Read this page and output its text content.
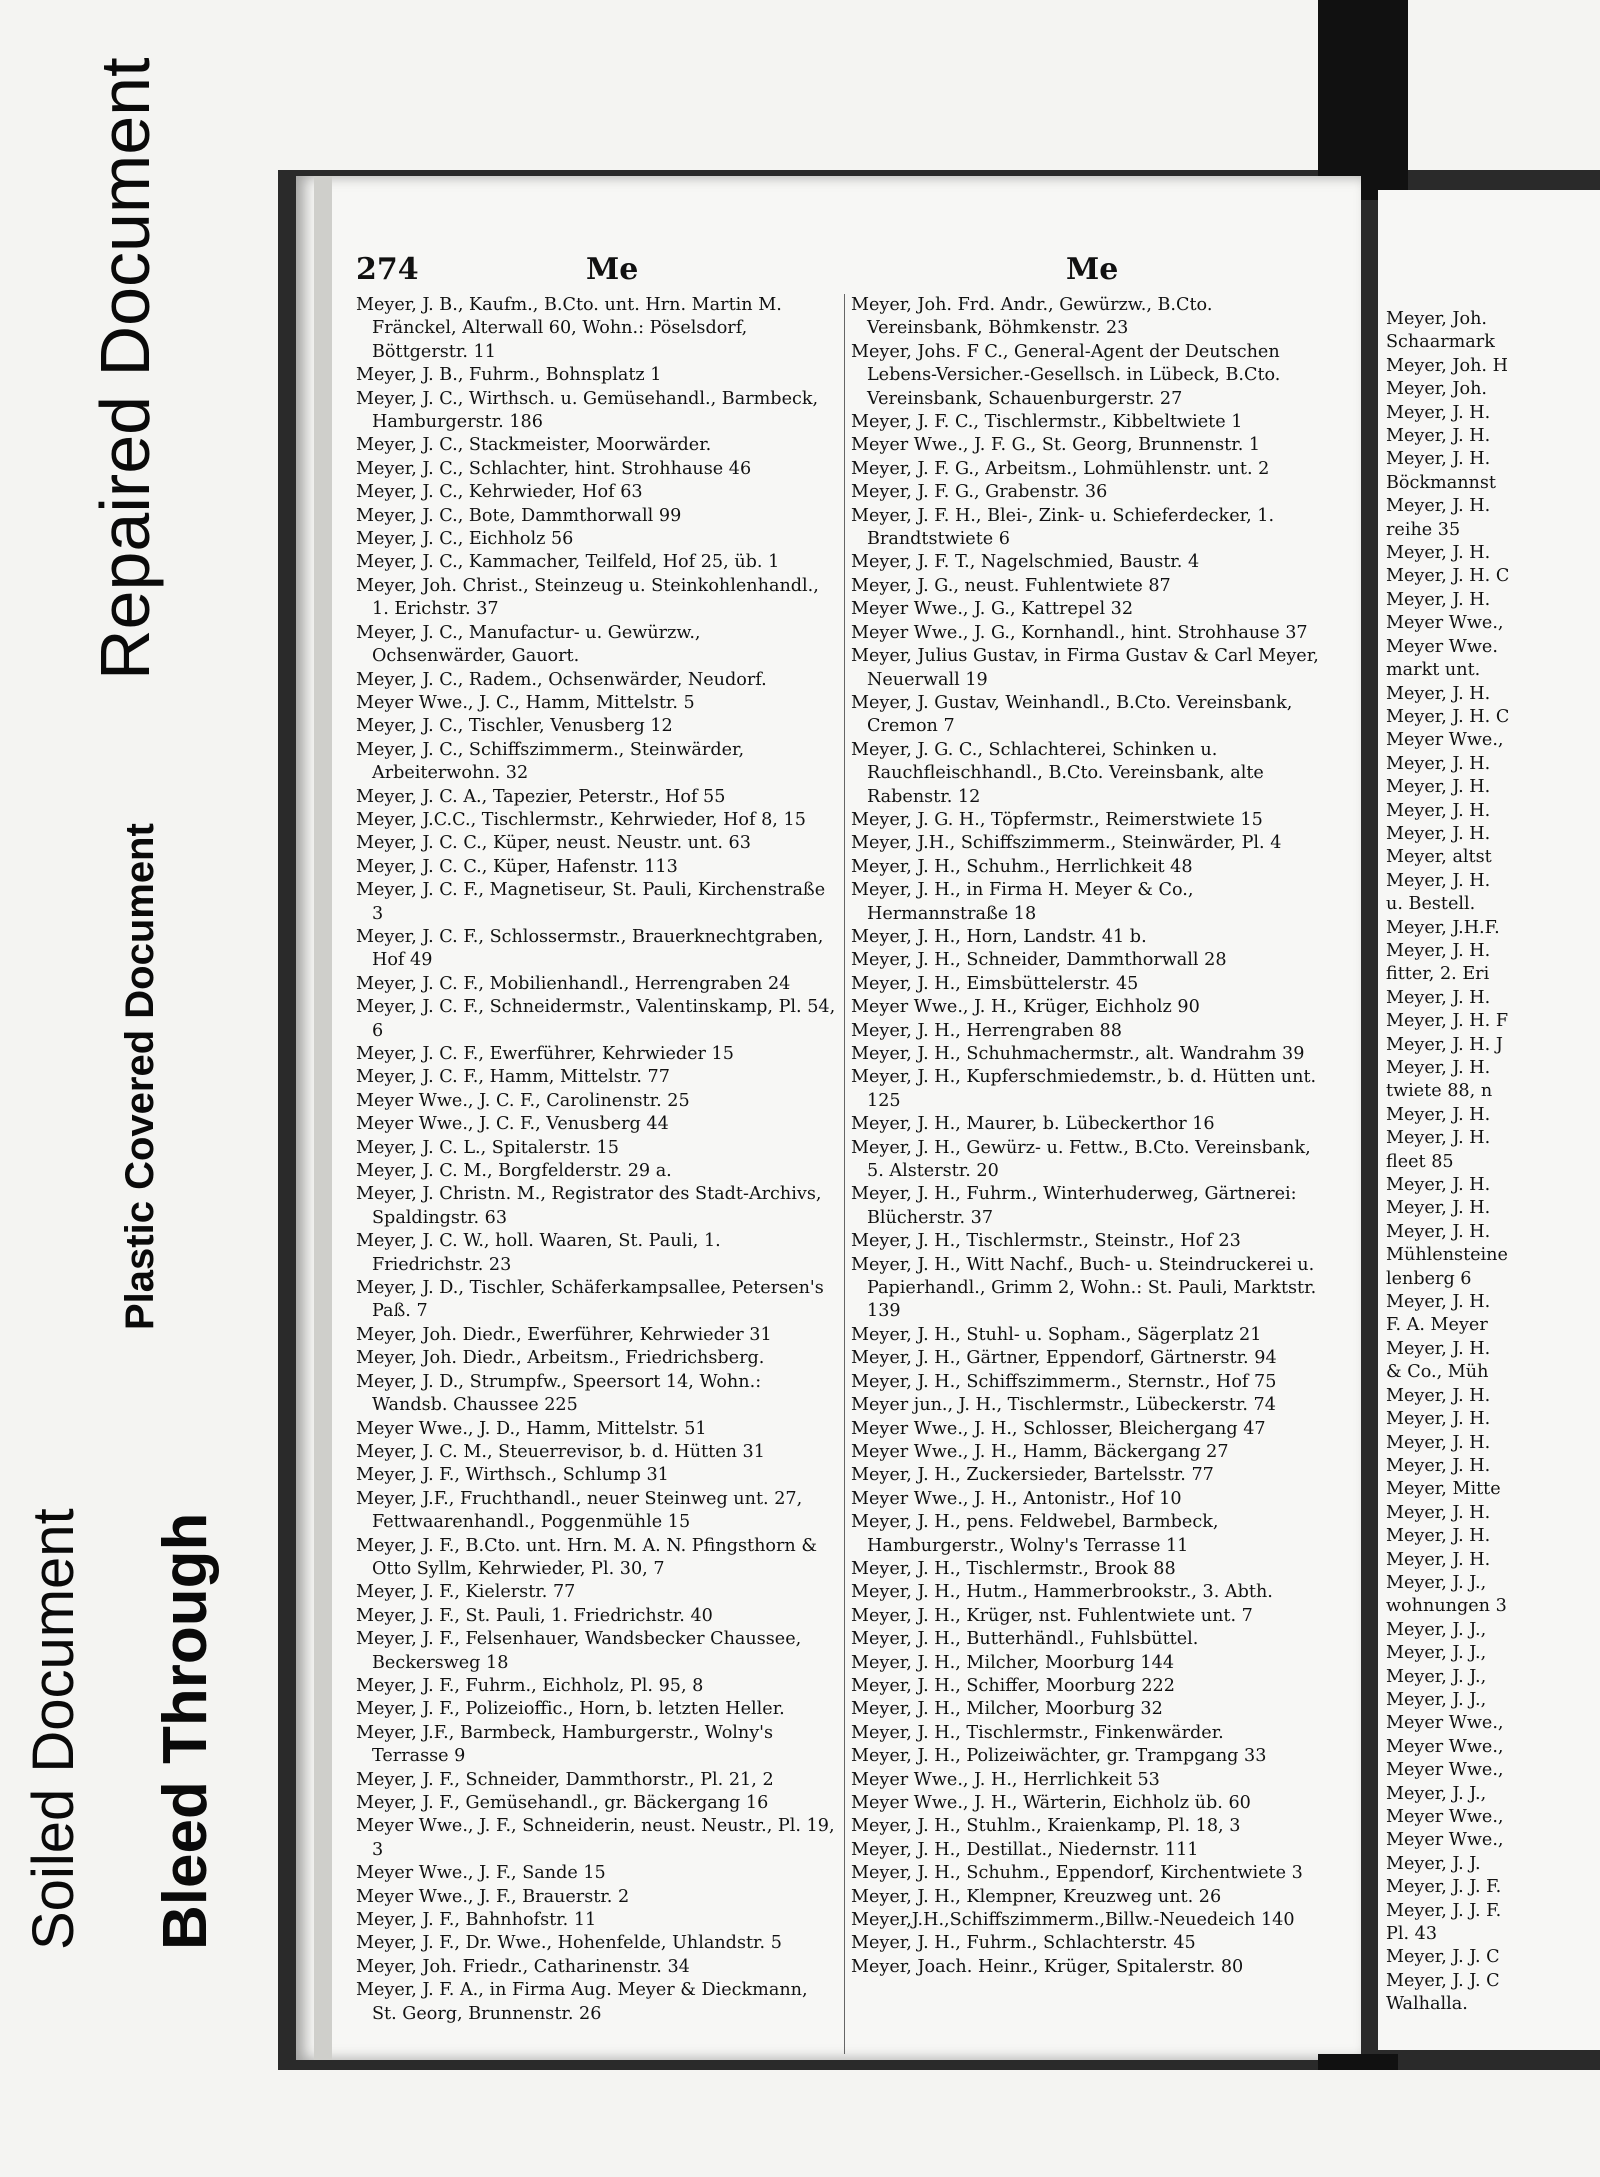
Repaired Document
Plastic Covered Document
Soiled Document Bleed Through
274	Me	Me

Meyer, J. B., Kaufm., B.Cto. unt. Hrn. Martin M. Fränckel, Alterwall 60, Wohn.: Pöselsdorf, Böttgerstr. 11

Meyer, J. B., Fuhrm., Bohnsplatz 1

Meyer, J. C., Wirthsch. u. Gemüsehandl., Barmbeck, Hamburgerstr. 186

Meyer, J. C., Stackmeister, Moorwärder.

Meyer, J. C., Schlachter, hint. Strohhause 46

Meyer, J. C., Kehrwieder, Hof 63

Meyer, J. C., Bote, Dammthorwall 99

Meyer, J. C., Eichholz 56

Meyer, J. C., Kammacher, Teilfeld, Hof 25, üb. 1

Meyer, Joh. Christ., Steinzeug u. Steinkohlenhandl., 1. Erichstr. 37

Meyer, J. C., Manufactur- u. Gewürzw., Ochsenwärder, Gauort.

Meyer, J. C., Radem., Ochsenwärder, Neudorf.

Meyer Wwe., J. C., Hamm, Mittelstr. 5

Meyer, J. C., Tischler, Venusberg 12

Meyer, J. C., Schiffszimmerm., Steinwärder, Arbeiterwohn. 32

Meyer, J. C. A., Tapezier, Peterstr., Hof 55

Meyer, J.C.C., Tischlermstr., Kehrwieder, Hof 8, 15

Meyer, J. C. C., Küper, neust. Neustr. unt. 63

Meyer, J. C. C., Küper, Hafenstr. 113

Meyer, J. C. F., Magnetiseur, St. Pauli, Kirchenstraße 3

Meyer, J. C. F., Schlossermstr., Brauerknechtgraben, Hof 49

Meyer, J. C. F., Mobilienhandl., Herrengraben 24

Meyer, J. C. F., Schneidermstr., Valentinskamp, Pl. 54, 6

Meyer, J. C. F., Ewerführer, Kehrwieder 15

Meyer, J. C. F., Hamm, Mittelstr. 77

Meyer Wwe., J. C. F., Carolinenstr. 25

Meyer Wwe., J. C. F., Venusberg 44

Meyer, J. C. L., Spitalerstr. 15

Meyer, J. C. M., Borgfelderstr. 29 a.

Meyer, J. Christn. M., Registrator des Stadt-Archivs, Spaldingstr. 63

Meyer, J. C. W., holl. Waaren, St. Pauli, 1. Friedrichstr. 23

Meyer, J. D., Tischler, Schäferkampsallee, Petersen's Paß. 7

Meyer, Joh. Diedr., Ewerführer, Kehrwieder 31

Meyer, Joh. Diedr., Arbeitsm., Friedrichsberg.

Meyer, J. D., Strumpfw., Speersort 14, Wohn.: Wandsb. Chaussee 225

Meyer Wwe., J. D., Hamm, Mittelstr. 51

Meyer, J. C. M., Steuerrevisor, b. d. Hütten 31

Meyer, J. F., Wirthsch., Schlump 31

Meyer, J.F., Fruchthandl., neuer Steinweg unt. 27, Fettwaarenhandl., Poggenmühle 15

Meyer, J. F., B.Cto. unt. Hrn. M. A. N. Pfingsthorn & Otto Syllm, Kehrwieder, Pl. 30, 7

Meyer, J. F., Kielerstr. 77

Meyer, J. F., St. Pauli, 1. Friedrichstr. 40

Meyer, J. F., Felsenhauer, Wandsbecker Chaussee, Beckersweg 18

Meyer, J. F., Fuhrm., Eichholz, Pl. 95, 8

Meyer, J. F., Polizeioffic., Horn, b. letzten Heller.

Meyer, J.F., Barmbeck, Hamburgerstr., Wolny's Terrasse 9

Meyer, J. F., Schneider, Dammthorstr., Pl. 21, 2

Meyer, J. F., Gemüsehandl., gr. Bäckergang 16

Meyer Wwe., J. F., Schneiderin, neust. Neustr., Pl. 19, 3

Meyer Wwe., J. F., Sande 15

Meyer Wwe., J. F., Brauerstr. 2

Meyer, J. F., Bahnhofstr. 11

Meyer, J. F., Dr. Wwe., Hohenfelde, Uhlandstr. 5

Meyer, Joh. Friedr., Catharinenstr. 34

Meyer, J. F. A., in Firma Aug. Meyer & Dieckmann, St. Georg, Brunnenstr. 26

Meyer, Joh. Frd. Andr., Gewürzw., B.Cto. Vereinsbank, Böhmkenstr. 23

Meyer, Johs. F C., General-Agent der Deutschen Lebens-Versicher.-Gesellsch. in Lübeck, B.Cto. Vereinsbank, Schauenburgerstr. 27

Meyer, J. F. C., Tischlermstr., Kibbeltwiete 1

Meyer Wwe., J. F. G., St. Georg, Brunnenstr. 1

Meyer, J. F. G., Arbeitsm., Lohmühlenstr. unt. 2

Meyer, J. F. G., Grabenstr. 36

Meyer, J. F. H., Blei-, Zink- u. Schieferdecker, 1. Brandtstwiete 6

Meyer, J. F. T., Nagelschmied, Baustr. 4

Meyer, J. G., neust. Fuhlentwiete 87

Meyer Wwe., J. G., Kattrepel 32

Meyer Wwe., J. G., Kornhandl., hint. Strohhause 37

Meyer, Julius Gustav, in Firma Gustav & Carl Meyer, Neuerwall 19

Meyer, J. Gustav, Weinhandl., B.Cto. Vereinsbank, Cremon 7

Meyer, J. G. C., Schlachterei, Schinken u. Rauchfleischhandl., B.Cto. Vereinsbank, alte Rabenstr. 12

Meyer, J. G. H., Töpfermstr., Reimerstwiete 15

Meyer, J.H., Schiffszimmerm., Steinwärder, Pl. 4

Meyer, J. H., Schuhm., Herrlichkeit 48

Meyer, J. H., in Firma H. Meyer & Co., Hermannstraße 18

Meyer, J. H., Horn, Landstr. 41 b.

Meyer, J. H., Schneider, Dammthorwall 28

Meyer, J. H., Eimsbüttelerstr. 45

Meyer Wwe., J. H., Krüger, Eichholz 90

Meyer, J. H., Herrengraben 88

Meyer, J. H., Schuhmachermstr., alt. Wandrahm 39

Meyer, J. H., Kupferschmiedemstr., b. d. Hütten unt. 125

Meyer, J. H., Maurer, b. Lübeckerthor 16

Meyer, J. H., Gewürz- u. Fettw., B.Cto. Vereinsbank, 5. Alsterstr. 20

Meyer, J. H., Fuhrm., Winterhuderweg, Gärtnerei: Blücherstr. 37

Meyer, J. H., Tischlermstr., Steinstr., Hof 23

Meyer, J. H., Witt Nachf., Buch- u. Steindruckerei u. Papierhandl., Grimm 2, Wohn.: St. Pauli, Marktstr. 139

Meyer, J. H., Stuhl- u. Sopham., Sägerplatz 21

Meyer, J. H., Gärtner, Eppendorf, Gärtnerstr. 94

Meyer, J. H., Schiffszimmerm., Sternstr., Hof 75

Meyer jun., J. H., Tischlermstr., Lübeckerstr. 74

Meyer Wwe., J. H., Schlosser, Bleichergang 47

Meyer Wwe., J. H., Hamm, Bäckergang 27

Meyer, J. H., Zuckersieder, Bartelsstr. 77

Meyer Wwe., J. H., Antonistr., Hof 10

Meyer, J. H., pens. Feldwebel, Barmbeck, Hamburgerstr., Wolny's Terrasse 11

Meyer, J. H., Tischlermstr., Brook 88

Meyer, J. H., Hutm., Hammerbrookstr., 3. Abth.

Meyer, J. H., Krüger, nst. Fuhlentwiete unt. 7

Meyer, J. H., Butterhändl., Fuhlsbüttel.

Meyer, J. H., Milcher, Moorburg 144

Meyer, J. H., Schiffer, Moorburg 222

Meyer, J. H., Milcher, Moorburg 32

Meyer, J. H., Tischlermstr., Finkenwärder.

Meyer, J. H., Polizeiwächter, gr. Trampgang 33

Meyer Wwe., J. H., Herrlichkeit 53

Meyer Wwe., J. H., Wärterin, Eichholz üb. 60

Meyer, J. H., Stuhlm., Kraienkamp, Pl. 18, 3

Meyer, J. H., Destillat., Niedernstr. 111

Meyer, J. H., Schuhm., Eppendorf, Kirchentwiete 3

Meyer, J. H., Klempner, Kreuzweg unt. 26

Meyer,J.H.,Schiffszimmerm.,Billw.-Neuedeich 140

Meyer, J. H., Fuhrm., Schlachterstr. 45

Meyer, Joach. Heinr., Krüger, Spitalerstr. 80

Meyer, Joh.

Schaarmark

Meyer, Joh. H

Meyer, Joh.

Meyer, J. H.

Meyer, J. H.

Meyer, J. H.

Böckmannst

Meyer, J. H.

reihe 35

Meyer, J. H.

Meyer, J. H. C

Meyer, J. H.

Meyer Wwe.,

Meyer Wwe.

markt unt.

Meyer, J. H.

Meyer, J. H. C

Meyer Wwe.,

Meyer, J. H.

Meyer, J. H.

Meyer, J. H.

Meyer, J. H.

Meyer, altst

Meyer, J. H.

u. Bestell.

Meyer, J.H.F.

Meyer, J. H.

fitter, 2. Eri

Meyer, J. H.

Meyer, J. H. F

Meyer, J. H. J

Meyer, J. H.

twiete 88, n

Meyer, J. H.

Meyer, J. H.

fleet 85

Meyer, J. H.

Meyer, J. H.

Meyer, J. H.

Mühlensteine

lenberg 6

Meyer, J. H.

F. A. Meyer

Meyer, J. H.

& Co., Müh

Meyer, J. H.

Meyer, J. H.

Meyer, J. H.

Meyer, J. H.

Meyer, Mitte

Meyer, J. H.

Meyer, J. H.

Meyer, J. H.

Meyer, J. J.,

wohnungen 3

Meyer, J. J.,

Meyer, J. J.,

Meyer, J. J.,

Meyer, J. J.,

Meyer Wwe.,

Meyer Wwe.,

Meyer Wwe.,

Meyer, J. J.,

Meyer Wwe.,

Meyer Wwe.,

Meyer, J. J.

Meyer, J. J. F.

Meyer, J. J. F.

Pl. 43

Meyer, J. J. C

Meyer, J. J. C

Walhalla.
